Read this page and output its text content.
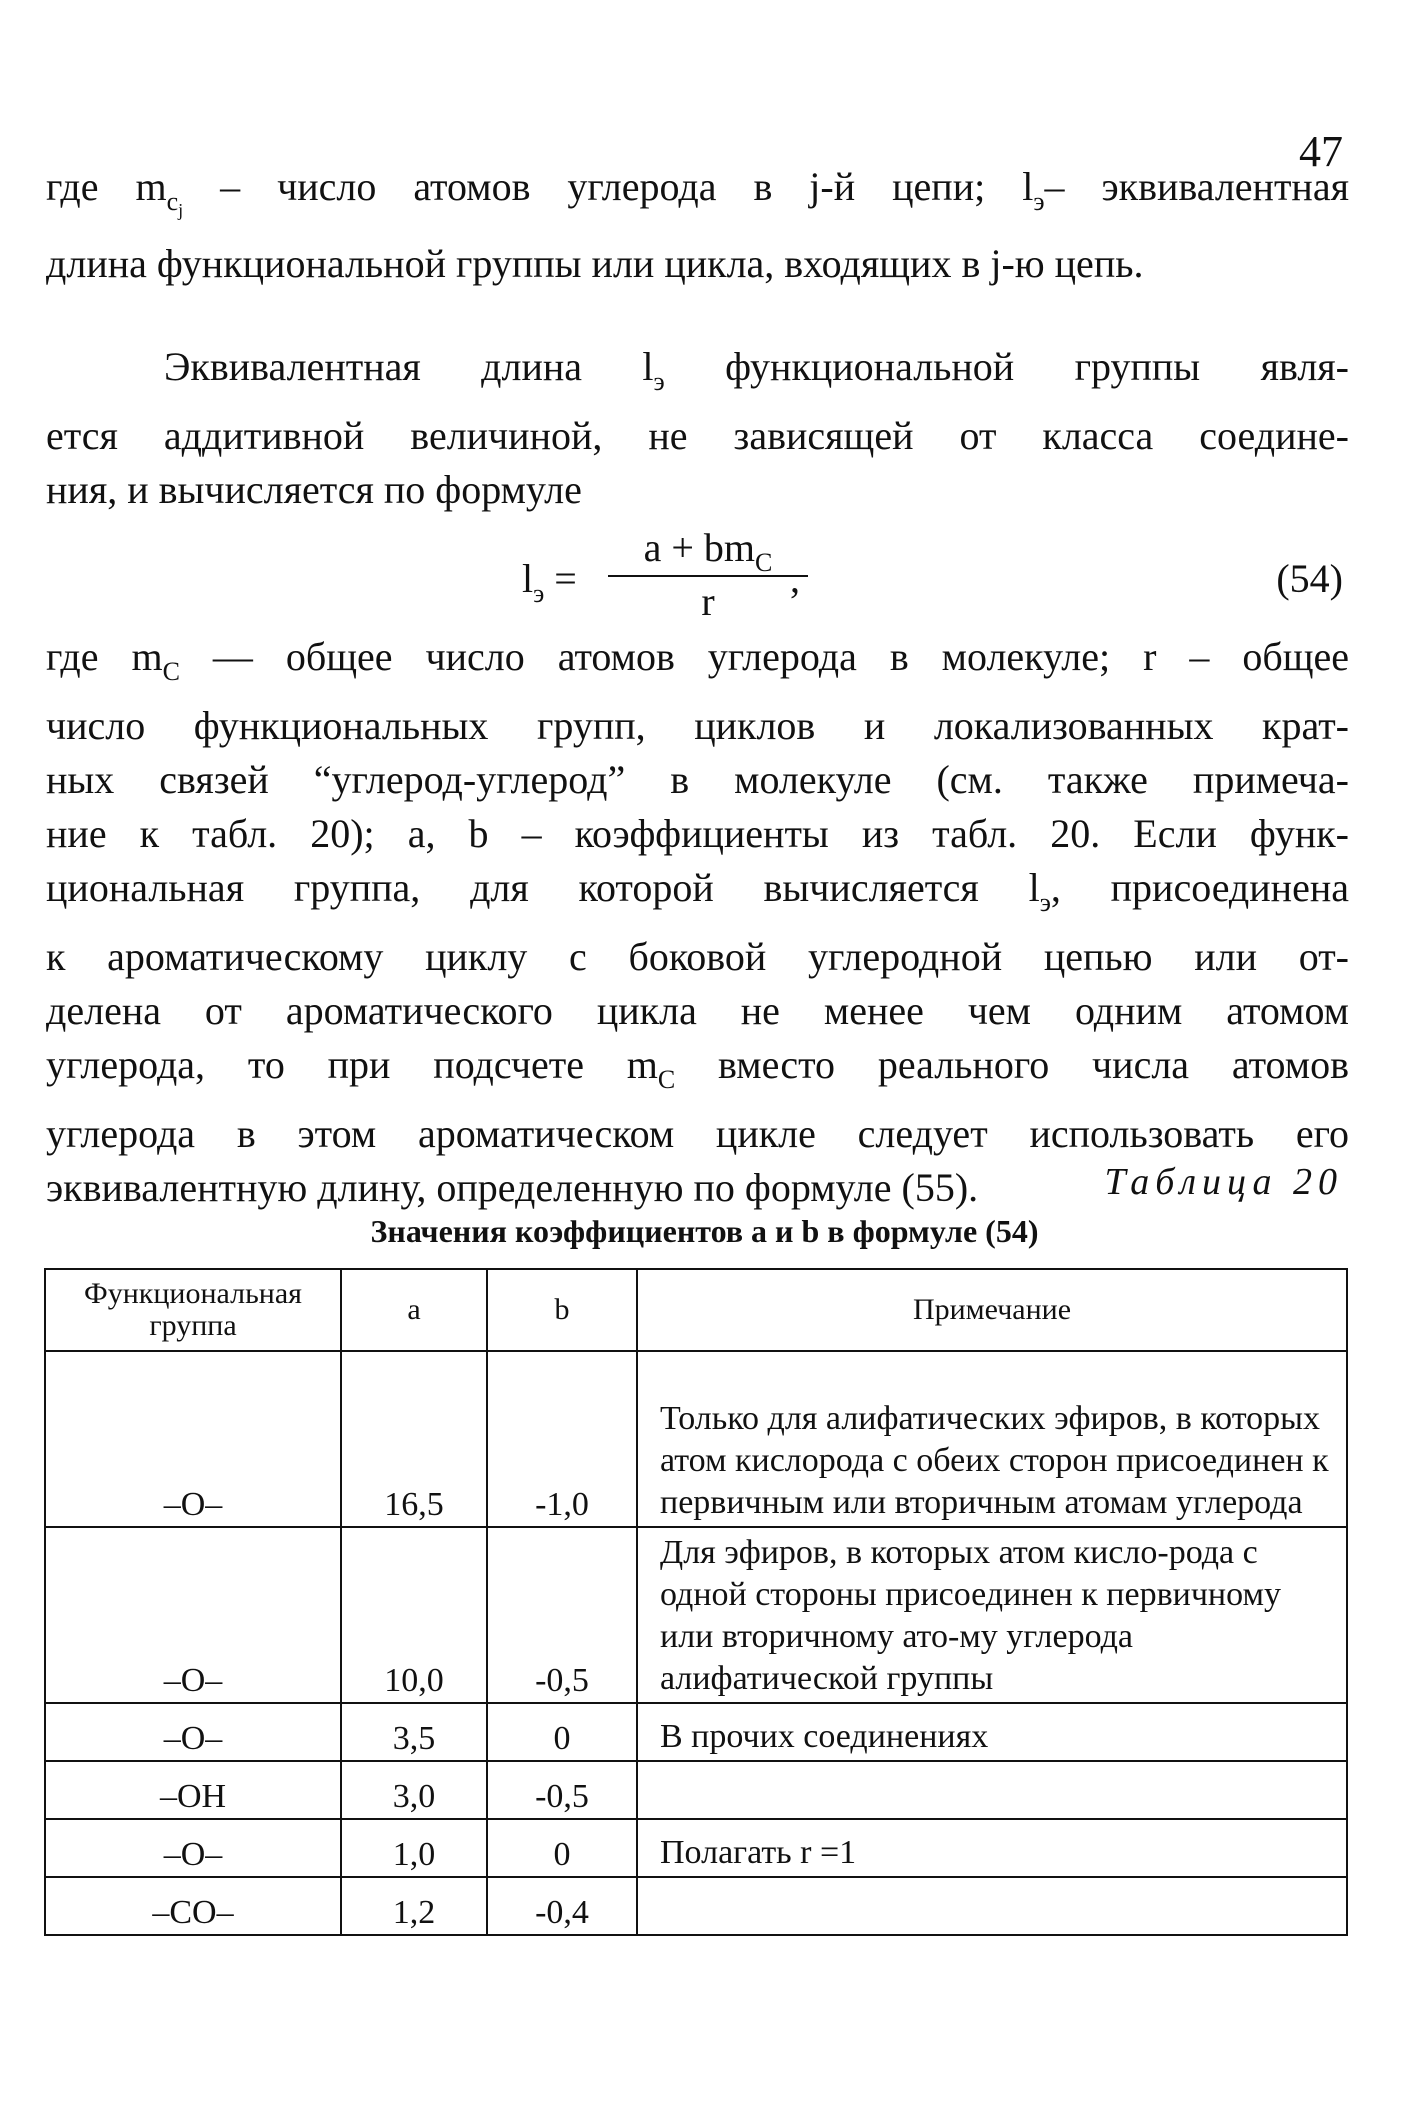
47
где $m_{cj}$ – число атомов углерода в j-й цепи; $l_э-$ эквивалентная
длина функциональной группы или цикла, входящих в j-ю цепь.
Эквивалентная длина $l_э$ функциональной группы явля-
ется аддитивной величиной, не зависящей от класса соедине-
ния, и вычисляется по формуле
$l_э$ =
$a + bm_C$
r
,	(54)
где $m_C$ — общее число атомов углерода в молекуле; r – общее
число функциональных групп, циклов и локализованных крат-
ных связей “углерод-углерод” в молекуле (см. также примеча-
ние к табл. 20); a, b – коэффициенты из табл. 20. Если функ-
циональная группа, для которой вычисляется $l_э$, присоединена
к ароматическому циклу с боковой углеродной цепью или от-
делена от ароматического цикла не менее чем одним атомом
углерода, то при подсчете $m_C$ вместо реального числа атомов
углерода в этом ароматическом цикле следует использовать его
эквивалентную длину, определенную по формуле (55).	Таблица 20
Значения коэффициентов a и b в формуле (54)
Функциональная группа	a	b	Примечание
–O–	16,5	-1,0	Только для алифатических эфиров, в которых атом кислорода с обеих сторон присоединен к первичным или вторичным атомам углерода
–O–	10,0	-0,5	Для эфиров, в которых атом кисло-рода с одной стороны присоединен к первичному или вторичному ато-му углерода алифатической группы
–O–	3,5	0	В прочих соединениях
–OH	3,0	-0,5	
–O–	1,0	0	Полагать r =1
–CO–	1,2	-0,4	
